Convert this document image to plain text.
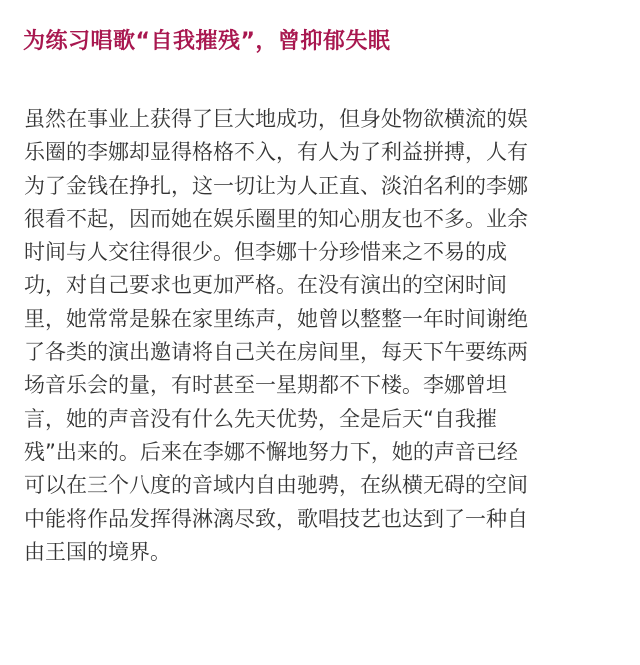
为练习唱歌“自我摧残”，曾抑郁失眠
虽然在事业上获得了巨大地成功，但身处物欲横流的娱
乐圈的李娜却显得格格不入，有人为了利益拼搏，人有
为了金钱在挣扎，这一切让为人正直、淡泊名利的李娜
很看不起，因而她在娱乐圈里的知心朋友也不多。业余
时间与人交往得很少。但李娜十分珍惜来之不易的成
功，对自己要求也更加严格。在没有演出的空闲时间
里，她常常是躲在家里练声，她曾以整整一年时间谢绝
了各类的演出邀请将自己关在房间里，每天下午要练两
场音乐会的量，有时甚至一星期都不下楼。李娜曾坦
言，她的声音没有什么先天优势，全是后天“自我摧
残”出来的。后来在李娜不懈地努力下，她的声音已经
可以在三个八度的音域内自由驰骋，在纵横无碍的空间
中能将作品发挥得淋漓尽致，歌唱技艺也达到了一种自
由王国的境界。
